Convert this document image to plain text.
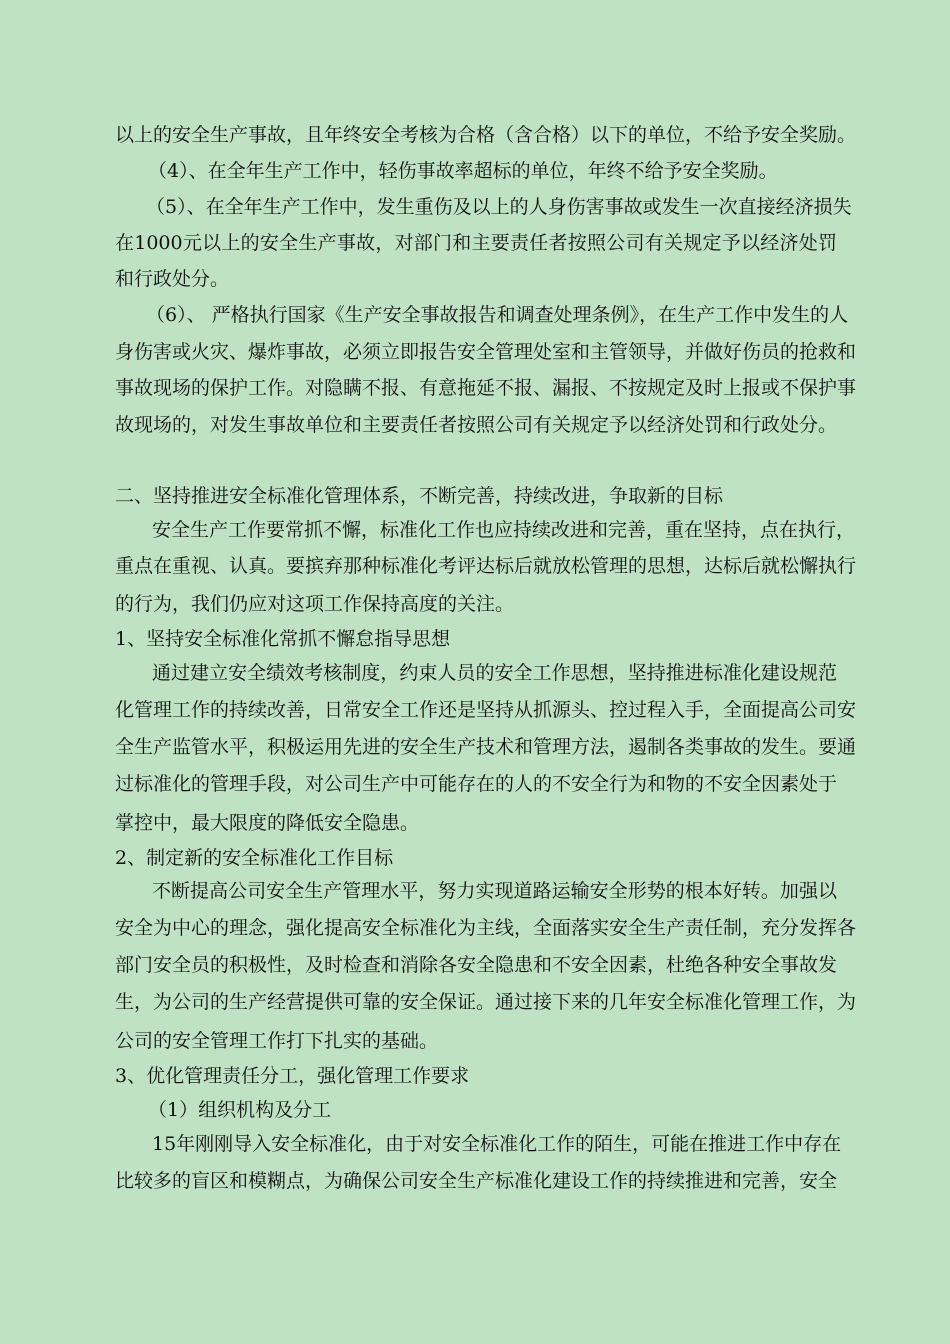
以上的安全生产事故，且年终安全考核为合格（含合格）以下的单位，不给予安全奖励。
（4）、在全年生产工作中，轻伤事故率超标的单位，年终不给予安全奖励。
（5）、在全年生产工作中，发生重伤及以上的人身伤害事故或发生一次直接经济损失
在1000元以上的安全生产事故，对部门和主要责任者按照公司有关规定予以经济处罚
和行政处分。
（6）、 严格执行国家《生产安全事故报告和调查处理条例》，在生产工作中发生的人
身伤害或火灾、爆炸事故，必须立即报告安全管理处室和主管领导，并做好伤员的抢救和
事故现场的保护工作。对隐瞒不报、有意拖延不报、漏报、不按规定及时上报或不保护事
故现场的，对发生事故单位和主要责任者按照公司有关规定予以经济处罚和行政处分。
二、坚持推进安全标准化管理体系，不断完善，持续改进，争取新的目标
安全生产工作要常抓不懈，标准化工作也应持续改进和完善，重在坚持，点在执行，
重点在重视、认真。要摈弃那种标准化考评达标后就放松管理的思想，达标后就松懈执行
的行为，我们仍应对这项工作保持高度的关注。
1、坚持安全标准化常抓不懈怠指导思想
通过建立安全绩效考核制度，约束人员的安全工作思想，坚持推进标准化建设规范
化管理工作的持续改善，日常安全工作还是坚持从抓源头、控过程入手，全面提高公司安
全生产监管水平，积极运用先进的安全生产技术和管理方法，遏制各类事故的发生。要通
过标准化的管理手段，对公司生产中可能存在的人的不安全行为和物的不安全因素处于
掌控中，最大限度的降低安全隐患。
2、制定新的安全标准化工作目标
不断提高公司安全生产管理水平，努力实现道路运输安全形势的根本好转。加强以
安全为中心的理念，强化提高安全标准化为主线，全面落实安全生产责任制，充分发挥各
部门安全员的积极性，及时检查和消除各安全隐患和不安全因素，杜绝各种安全事故发
生，为公司的生产经营提供可靠的安全保证。通过接下来的几年安全标准化管理工作，为
公司的安全管理工作打下扎实的基础。
3、优化管理责任分工，强化管理工作要求
（1）组织机构及分工
15年刚刚导入安全标准化，由于对安全标准化工作的陌生，可能在推进工作中存在
比较多的盲区和模糊点，为确保公司安全生产标准化建设工作的持续推进和完善，安全
